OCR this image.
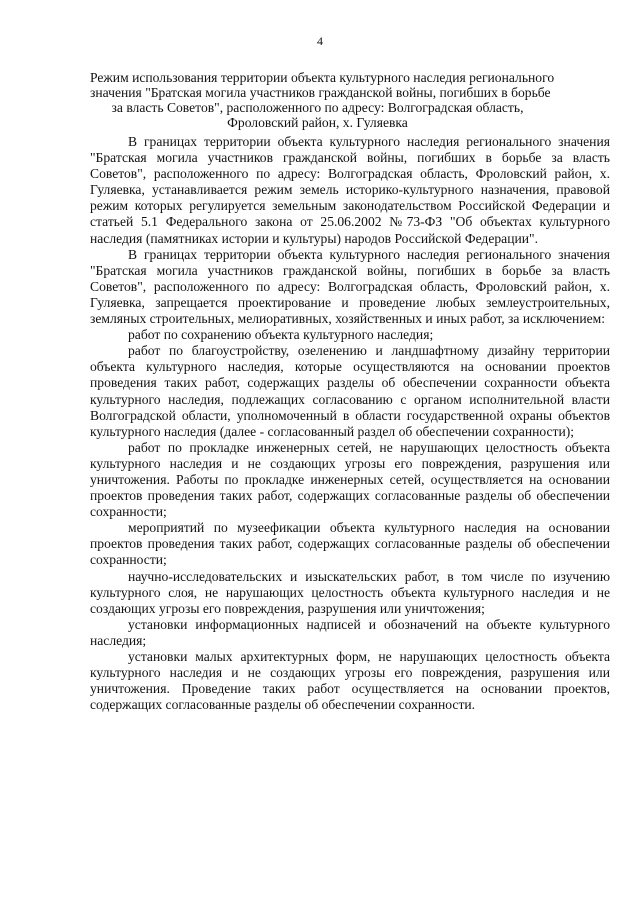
4
Режим использования территории объекта культурного наследия регионального
значения "Братская могила участников гражданской войны, погибших в борьбе
за власть Советов", расположенного по адресу: Волгоградская область,
Фроловский район, х. Гуляевка

В границах территории объекта культурного наследия регионального значения "Братская могила участников гражданской войны, погибших в борьбе за власть Советов", расположенного по адресу: Волгоградская область, Фроловский район, х. Гуляевка, устанавливается режим земель историко-культурного назначения, правовой режим которых регулируется земельным законодательством Российской Федерации и статьей 5.1 Федерального закона от 25.06.2002 №73-ФЗ "Об объектах культурного наследия (памятниках истории и культуры) народов Российской Федерации".

В границах территории объекта культурного наследия регионального значения "Братская могила участников гражданской войны, погибших в борьбе за власть Советов", расположенного по адресу: Волгоградская область, Фроловский район, х. Гуляевка, запрещается проектирование и проведение любых землеустроительных, земляных строительных, мелиоративных, хозяйственных и иных работ, за исключением:

работ по сохранению объекта культурного наследия;

работ по благоустройству, озеленению и ландшафтному дизайну территории объекта культурного наследия, которые осуществляются на основании проектов проведения таких работ, содержащих разделы об обеспечении сохранности объекта культурного наследия, подлежащих согласованию с органом исполнительной власти Волгоградской области, уполномоченный в области государственной охраны объектов культурного наследия (далее - согласованный раздел об обеспечении сохранности);

работ по прокладке инженерных сетей, не нарушающих целостность объекта культурного наследия и не создающих угрозы его повреждения, разрушения или уничтожения. Работы по прокладке инженерных сетей, осуществляется на основании проектов проведения таких работ, содержащих согласованные разделы об обеспечении сохранности;

мероприятий по музеефикации объекта культурного наследия на основании проектов проведения таких работ, содержащих согласованные разделы об обеспечении сохранности;

научно-исследовательских и изыскательских работ, в том числе по изучению культурного слоя, не нарушающих целостность объекта культурного наследия и не создающих угрозы его повреждения, разрушения или уничтожения;

установки информационных надписей и обозначений на объекте культурного наследия;

установки малых архитектурных форм, не нарушающих целостность объекта культурного наследия и не создающих угрозы его повреждения, разрушения или уничтожения. Проведение таких работ осуществляется на основании проектов, содержащих согласованные разделы об обеспечении сохранности.
